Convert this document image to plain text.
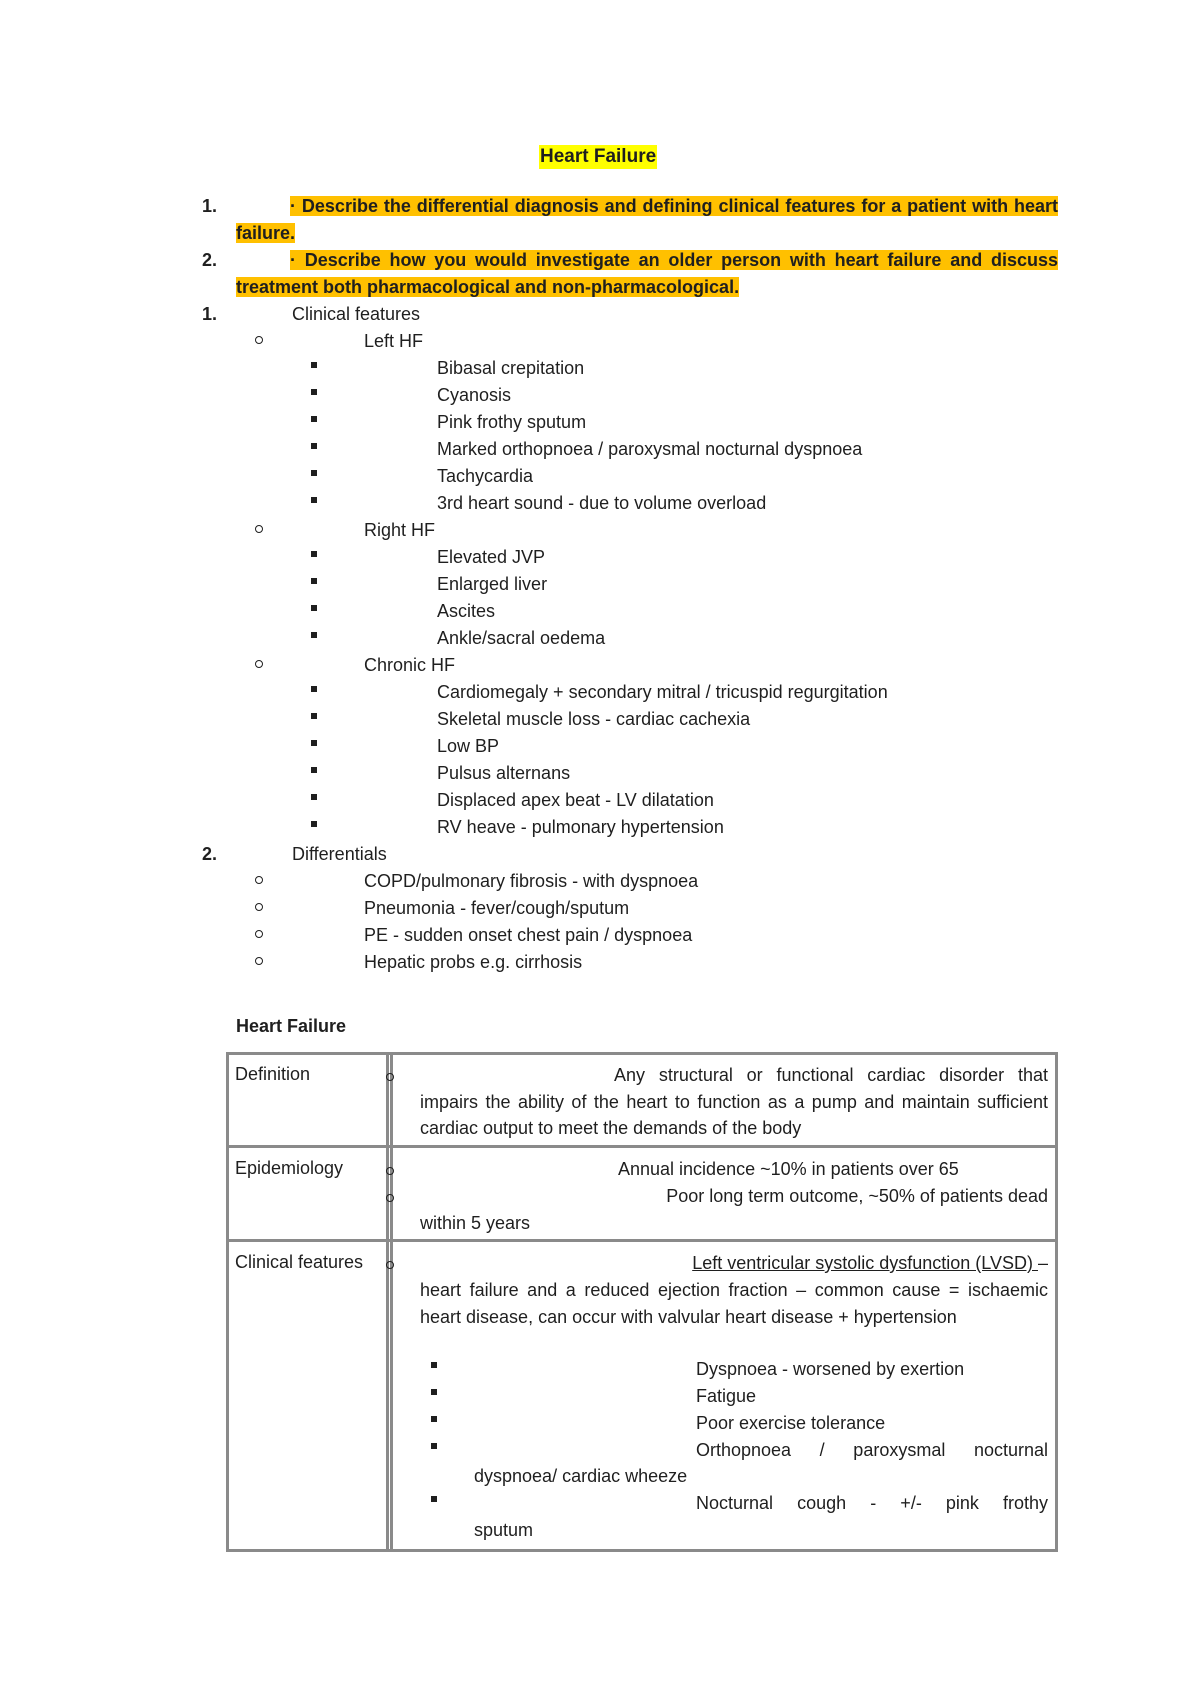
Heart Failure
1.	· Describe the differential diagnosis and defining clinical features for a patient with heart failure.
2.	· Describe how you would investigate an older person with heart failure and discuss treatment both pharmacological and non-pharmacological.
1.	Clinical features
Left HF
Bibasal crepitation
Cyanosis
Pink frothy sputum
Marked orthopnoea / paroxysmal nocturnal dyspnoea
Tachycardia
3rd heart sound - due to volume overload
Right HF
Elevated JVP
Enlarged liver
Ascites
Ankle/sacral oedema
Chronic HF
Cardiomegaly + secondary mitral / tricuspid regurgitation
Skeletal muscle loss - cardiac cachexia
Low BP
Pulsus alternans
Displaced apex beat - LV dilatation
RV heave - pulmonary hypertension
2.	Differentials
COPD/pulmonary fibrosis - with dyspnoea
Pneumonia - fever/cough/sputum
PE - sudden onset chest pain / dyspnoea
Hepatic probs e.g. cirrhosis
Heart Failure
Definition	Any structural or functional cardiac disorder that impairs the ability of the heart to function as a pump and maintain sufficient cardiac output to meet the demands of the body
Epidemiology	Annual incidence ~10% in patients over 65
Poor long term outcome, ~50% of patients dead
within 5 years
Clinical features	Left ventricular systolic dysfunction (LVSD) –
heart failure and a reduced ejection fraction – common cause = ischaemic heart disease, can occur with valvular heart disease + hypertension
Dyspnoea - worsened by exertion
Fatigue
Poor exercise tolerance
Orthopnoea / paroxysmal nocturnal
dyspnoea/ cardiac wheeze
Nocturnal cough - +/- pink frothy
sputum
